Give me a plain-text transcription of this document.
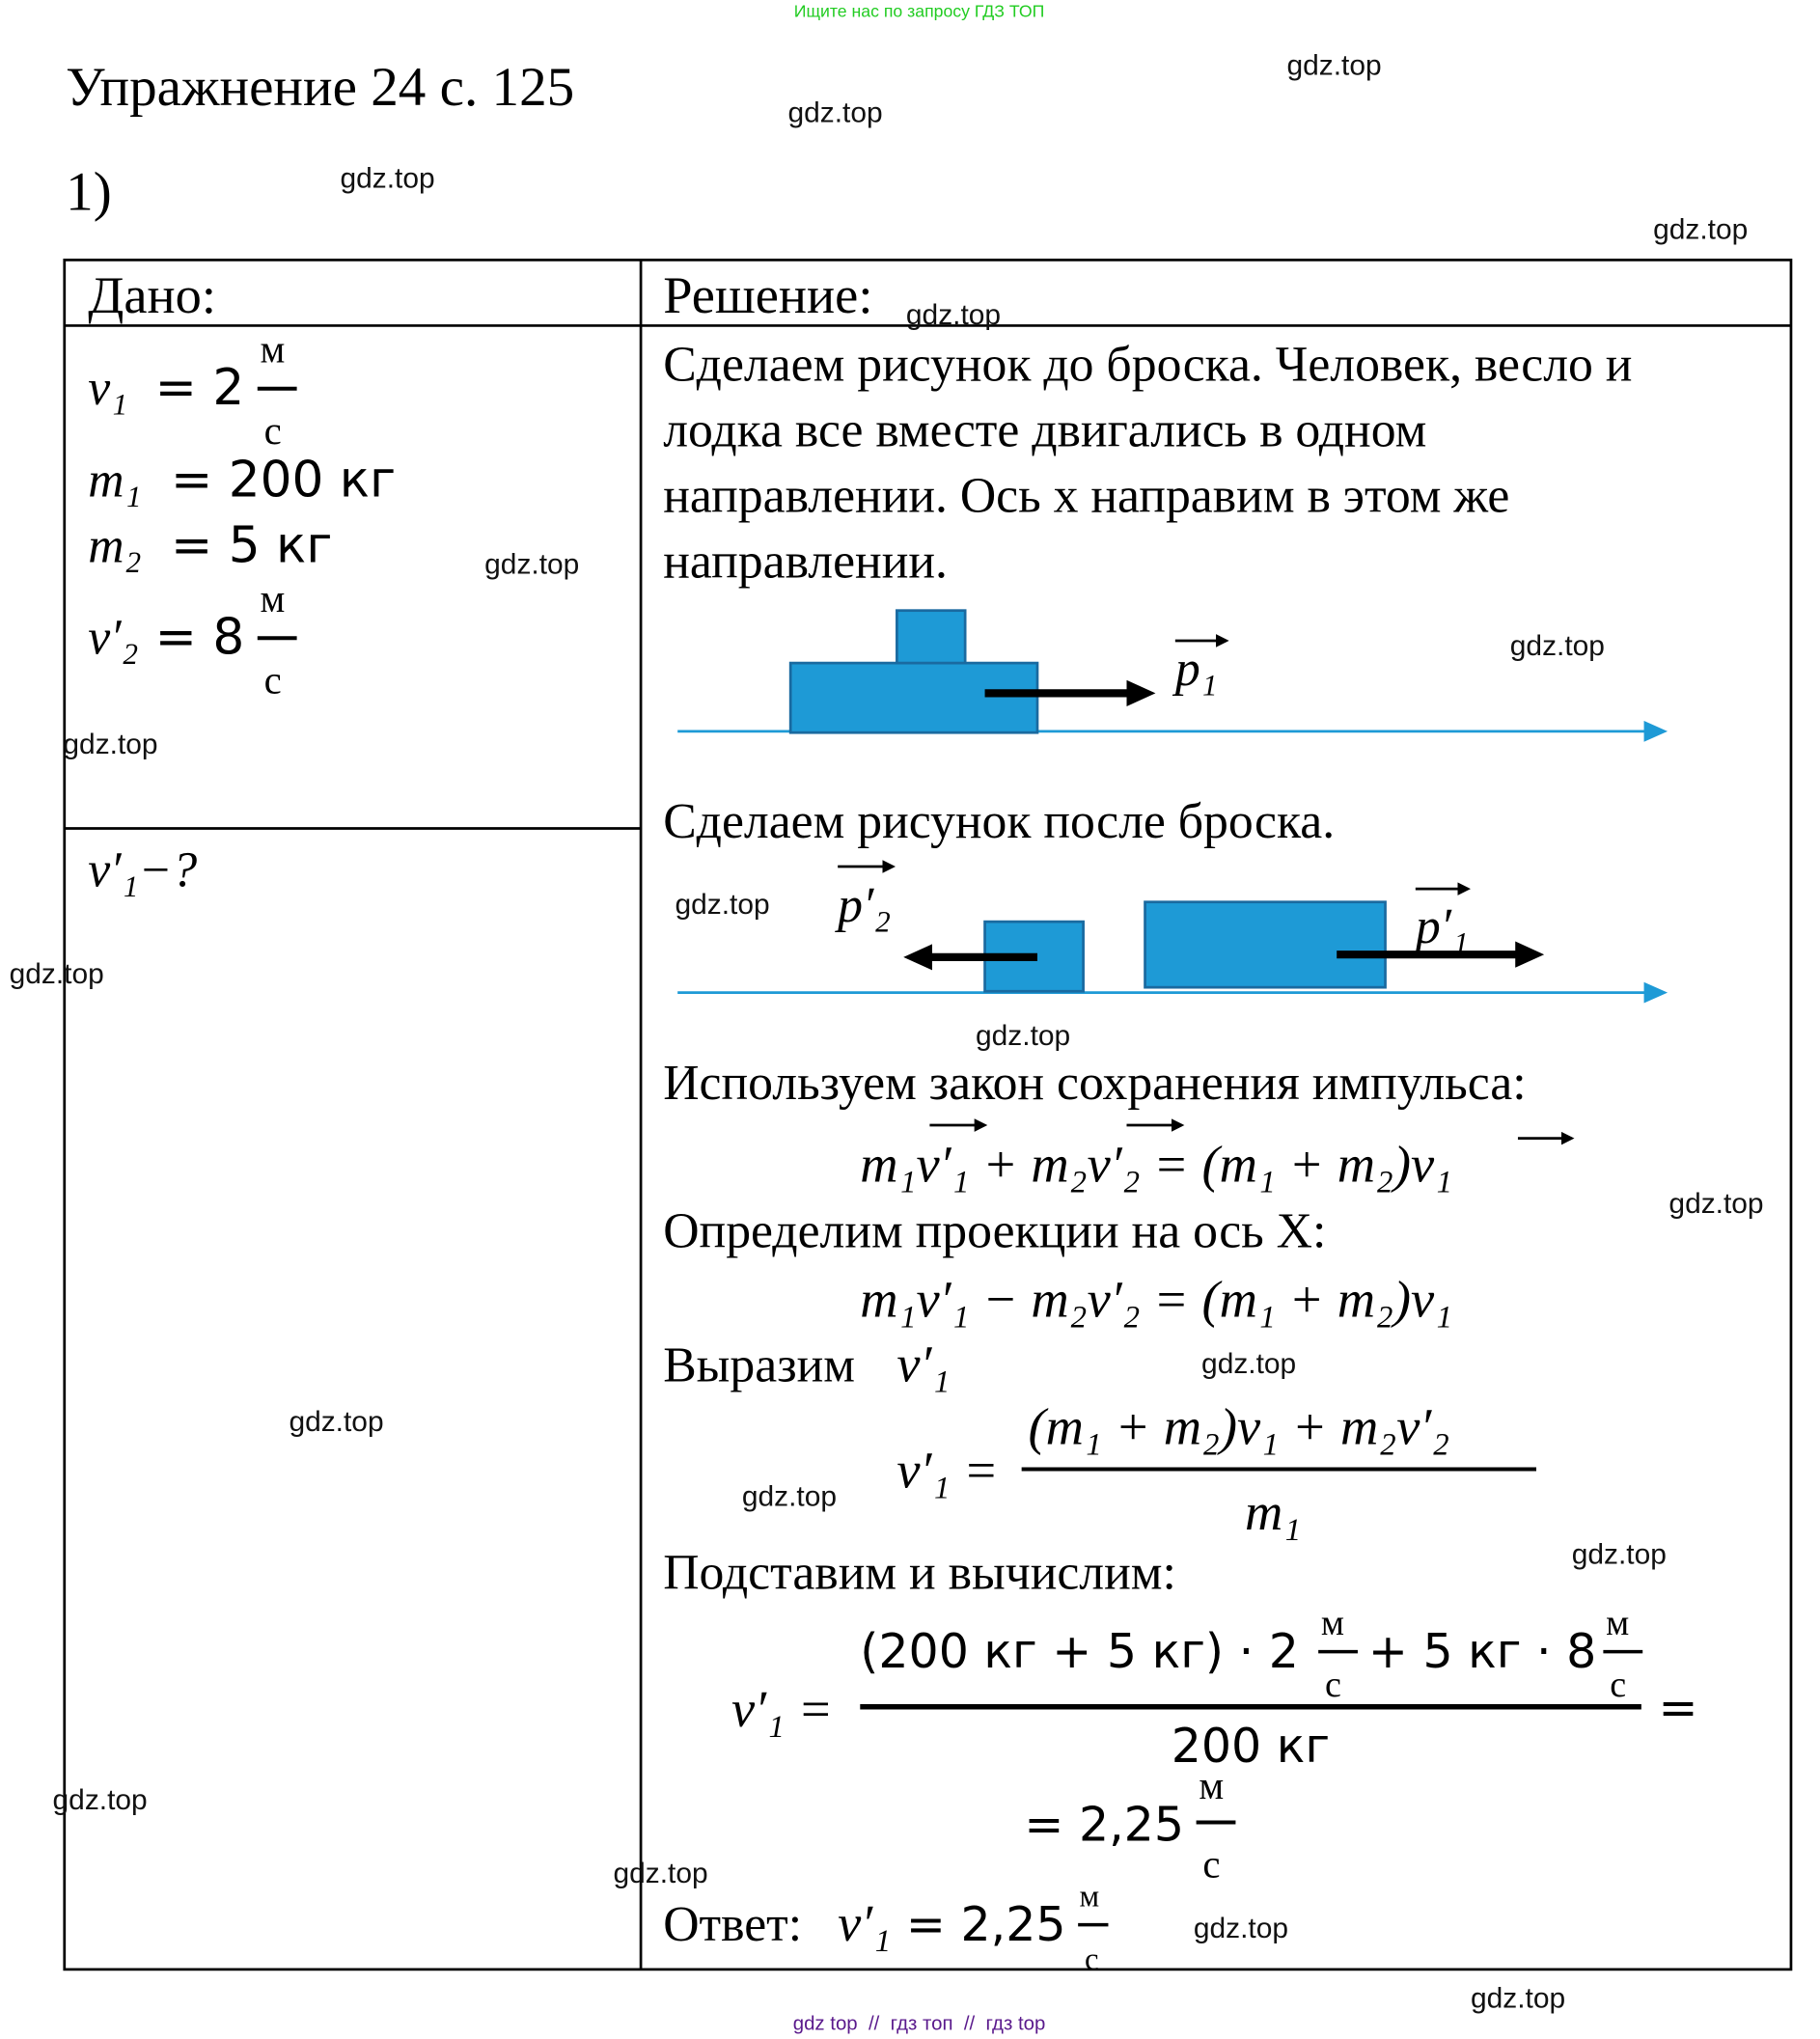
Ищите нас по запросу ГДЗ ТОП
Упражнение 24 с. 125
1)
Дано:	Решение:
v₁ = 2
м
с
m₁ = 200 кг
m₂ = 5 кг
v′₂ = 8
м
с
v′₁−?
Сделаем рисунок до броска. Человек, весло и
лодка все вместе двигались в одном
направлении. Ось х направим в этом же
направлении.
p₁
Сделаем рисунок после броска.
p′₂	p′₁
Используем закон сохранения импульса:
m₁v′₁ + m₂v′₂ = (m₁ + m₂)v₁
Определим проекции на ось X:
m₁v′₁ − m₂v′₂ = (m₁ + m₂)v₁
Выразим v′₁
v′₁ =
(m₁ + m₂)v₁ + m₂v′₂
m₁
Подставим и вычислим:
v′₁ =
(200 кг + 5 кг) · 2
м
с
+ 5 кг · 8
м
с
200 кг
=
= 2,25
м
с
Ответ: v′₁ = 2,25
м
с
gdz.top
gdz.top
gdz.top
gdz.top
gdz.top
gdz.top
gdz.top
gdz.top
gdz.top
gdz.top
gdz.top
gdz.top
gdz.top
gdz.top
gdz.top
gdz.top
gdz.top
gdz.top
gdz.top
gdz.top
gdz top  //  гдз топ  //  гдз top
